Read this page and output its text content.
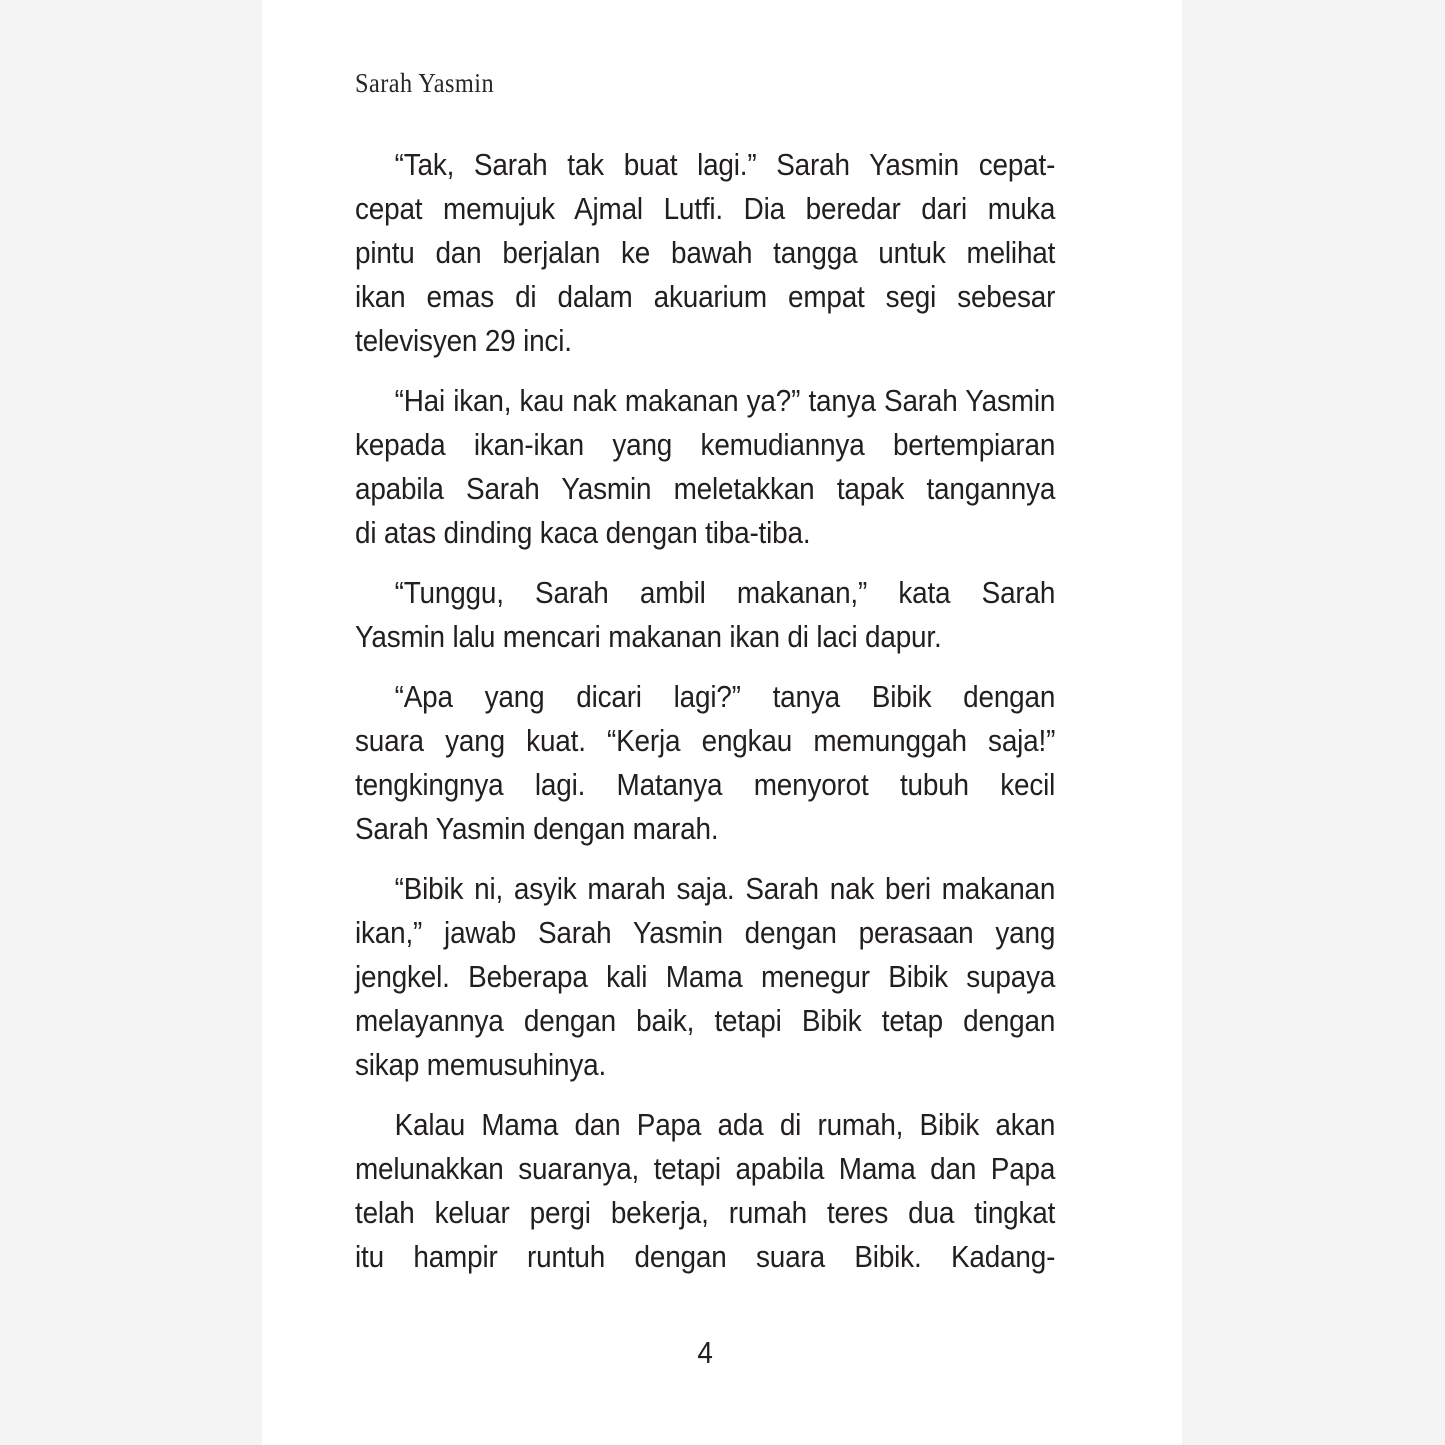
Sarah Yasmin
“Tak, Sarah tak buat lagi.” Sarah Yasmin cepat-
cepat memujuk Ajmal Lutfi. Dia beredar dari muka
pintu dan berjalan ke bawah tangga untuk melihat
ikan emas di dalam akuarium empat segi sebesar
televisyen 29 inci.
“Hai ikan, kau nak makanan ya?” tanya Sarah Yasmin
kepada ikan-ikan yang kemudiannya bertempiaran
apabila Sarah Yasmin meletakkan tapak tangannya
di atas dinding kaca dengan tiba-tiba.
“Tunggu, Sarah ambil makanan,” kata Sarah
Yasmin lalu mencari makanan ikan di laci dapur.
“Apa yang dicari lagi?” tanya Bibik dengan
suara yang kuat. “Kerja engkau memunggah saja!”
tengkingnya lagi. Matanya menyorot tubuh kecil
Sarah Yasmin dengan marah.
“Bibik ni, asyik marah saja. Sarah nak beri makanan
ikan,” jawab Sarah Yasmin dengan perasaan yang
jengkel. Beberapa kali Mama menegur Bibik supaya
melayannya dengan baik, tetapi Bibik tetap dengan
sikap memusuhinya.
Kalau Mama dan Papa ada di rumah, Bibik akan
melunakkan suaranya, tetapi apabila Mama dan Papa
telah keluar pergi bekerja, rumah teres dua tingkat
itu hampir runtuh dengan suara Bibik. Kadang-
4
